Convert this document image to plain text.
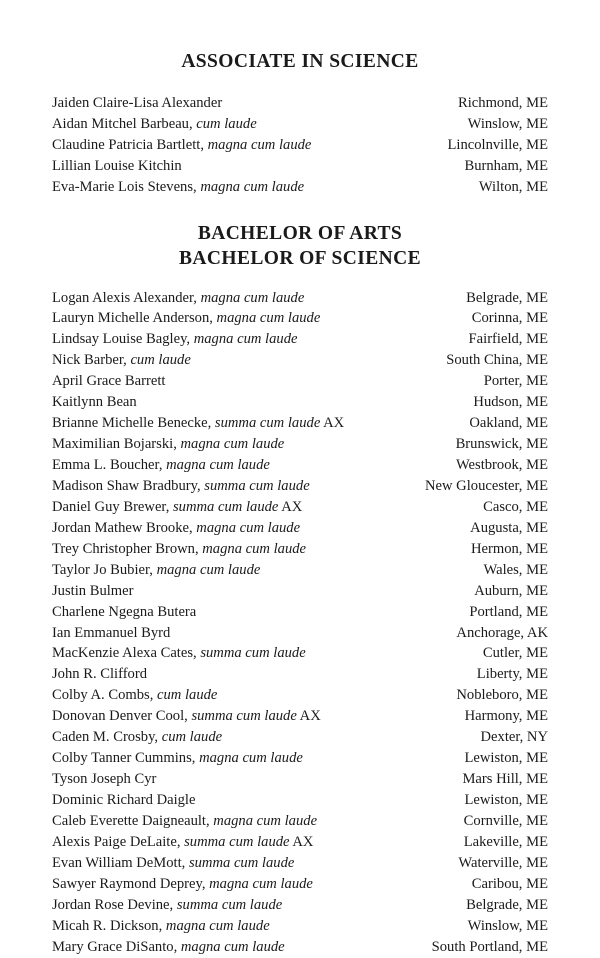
ASSOCIATE IN SCIENCE
Jaiden Claire-Lisa Alexander	Richmond, ME
Aidan Mitchel Barbeau, cum laude	Winslow, ME
Claudine Patricia Bartlett, magna cum laude	Lincolnville, ME
Lillian Louise Kitchin	Burnham, ME
Eva-Marie Lois Stevens, magna cum laude	Wilton, ME
BACHELOR OF ARTS
BACHELOR OF SCIENCE
Logan Alexis Alexander, magna cum laude	Belgrade, ME
Lauryn Michelle Anderson, magna cum laude	Corinna, ME
Lindsay Louise Bagley, magna cum laude	Fairfield, ME
Nick Barber, cum laude	South China, ME
April Grace Barrett	Porter, ME
Kaitlynn Bean	Hudson, ME
Brianne Michelle Benecke, summa cum laude AX	Oakland, ME
Maximilian Bojarski, magna cum laude	Brunswick, ME
Emma L. Boucher, magna cum laude	Westbrook, ME
Madison Shaw Bradbury, summa cum laude	New Gloucester, ME
Daniel Guy Brewer, summa cum laude AX	Casco, ME
Jordan Mathew Brooke, magna cum laude	Augusta, ME
Trey Christopher Brown, magna cum laude	Hermon, ME
Taylor Jo Bubier, magna cum laude	Wales, ME
Justin Bulmer	Auburn, ME
Charlene Ngegna Butera	Portland, ME
Ian Emmanuel Byrd	Anchorage, AK
MacKenzie Alexa Cates, summa cum laude	Cutler, ME
John R. Clifford	Liberty, ME
Colby A. Combs, cum laude	Nobleboro, ME
Donovan Denver Cool, summa cum laude AX	Harmony, ME
Caden M. Crosby, cum laude	Dexter, NY
Colby Tanner Cummins, magna cum laude	Lewiston, ME
Tyson Joseph Cyr	Mars Hill, ME
Dominic Richard Daigle	Lewiston, ME
Caleb Everette Daigneault, magna cum laude	Cornville, ME
Alexis Paige DeLaite, summa cum laude AX	Lakeville, ME
Evan William DeMott, summa cum laude	Waterville, ME
Sawyer Raymond Deprey, magna cum laude	Caribou, ME
Jordan Rose Devine, summa cum laude	Belgrade, ME
Micah R. Dickson, magna cum laude	Winslow, ME
Mary Grace DiSanto, magna cum laude	South Portland, ME
